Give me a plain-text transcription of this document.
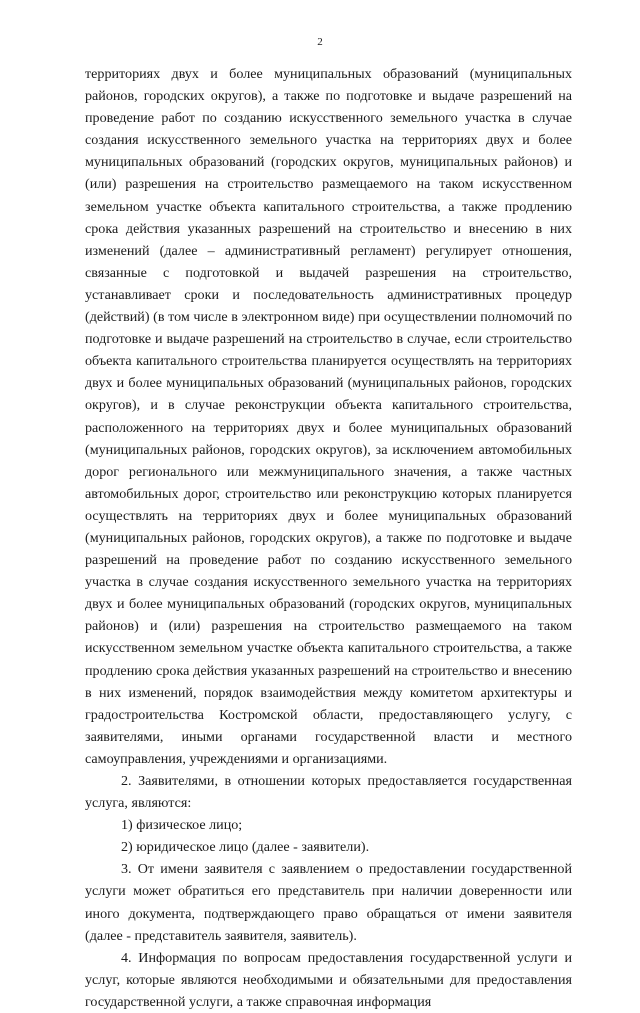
2

территориях двух и более муниципальных образований (муниципальных районов, городских округов), а также по подготовке и выдаче разрешений на проведение работ по созданию искусственного земельного участка в случае создания искусственного земельного участка на территориях двух и более муниципальных образований (городских округов, муниципальных районов) и (или) разрешения на строительство размещаемого на таком искусственном земельном участке объекта капитального строительства, а также продлению срока действия указанных разрешений на строительство и внесению в них изменений (далее – административный регламент) регулирует отношения, связанные с подготовкой и выдачей разрешения на строительство, устанавливает сроки и последовательность административных процедур (действий) (в том числе в электронном виде) при осуществлении полномочий по подготовке и выдаче разрешений на строительство в случае, если строительство объекта капитального строительства планируется осуществлять на территориях двух и более муниципальных образований (муниципальных районов, городских округов), и в случае реконструкции объекта капитального строительства, расположенного на территориях двух и более муниципальных образований (муниципальных районов, городских округов), за исключением автомобильных дорог регионального или межмуниципального значения, а также частных автомобильных дорог, строительство или реконструкцию которых планируется осуществлять на территориях двух и более муниципальных образований (муниципальных районов, городских округов), а также по подготовке и выдаче разрешений на проведение работ по созданию искусственного земельного участка в случае создания искусственного земельного участка на территориях двух и более муниципальных образований (городских округов, муниципальных районов) и (или) разрешения на строительство размещаемого на таком искусственном земельном участке объекта капитального строительства, а также продлению срока действия указанных разрешений на строительство и внесению в них изменений, порядок взаимодействия между комитетом архитектуры и градостроительства Костромской области, предоставляющего услугу, с заявителями, иными органами государственной власти и местного самоуправления, учреждениями и организациями.

2. Заявителями, в отношении которых предоставляется государственная услуга, являются:

1) физическое лицо;

2) юридическое лицо (далее - заявители).

3. От имени заявителя с заявлением о предоставлении государственной услуги может обратиться его представитель при наличии доверенности или иного документа, подтверждающего право обращаться от имени заявителя (далее - представитель заявителя, заявитель).

4. Информация по вопросам предоставления государственной услуги и услуг, которые являются необходимыми и обязательными для предоставления государственной услуги, а также справочная информация
